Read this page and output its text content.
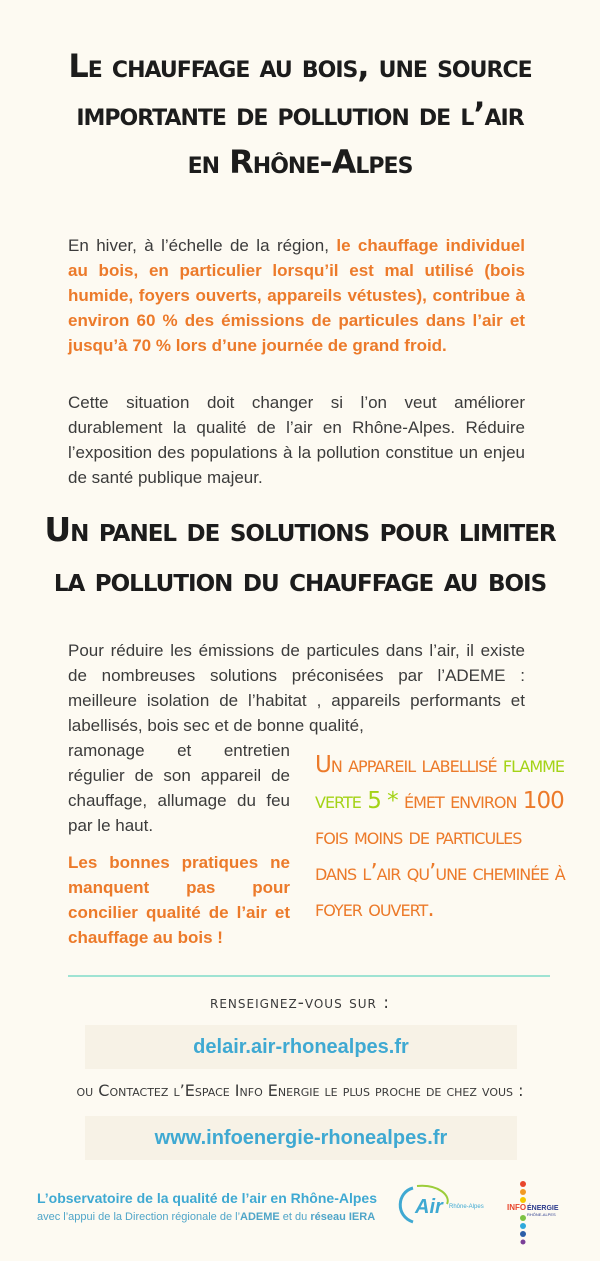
Le chauffage au bois, une source importante de pollution de l’air en Rhône-Alpes

En hiver, à l’échelle de la région, le chauffage individuel au bois, en particulier lorsqu’il est mal utilisé (bois humide, foyers ouverts, appareils vétustes), contribue à environ 60 % des émissions de particules dans l’air et jusqu’à 70 % lors d’une journée de grand froid.

Cette situation doit changer si l’on veut améliorer durablement la qualité de l’air en Rhône-Alpes. Réduire l’exposition des populations à la pollution constitue un enjeu de santé publique majeur.

Un panel de solutions pour limiter la pollution du chauffage au bois

Pour réduire les émissions de particules dans l’air, il existe de nombreuses solutions préconisées par l’ADEME : meilleure isolation de l’habitat , appareils performants et labellisés, bois sec et de bonne qualité,

ramonage et entretien régulier de son appareil de chauffage, allumage du feu par le haut.

Les bonnes pratiques ne manquent pas pour concilier qualité de l’air et chauffage au bois !

Un appareil labellisé flamme verte 5 * émet environ 100 fois moins de particules dans l’air qu’une cheminée à foyer ouvert.
renseignez-vous sur :
delair.air-rhonealpes.fr
ou Contactez l’Espace Info Energie le plus proche de chez vous :
www.infoenergie-rhonealpes.fr
L’observatoire de la qualité de l’air en Rhône-Alpes
avec l’appui de la Direction régionale de l’ADEME et du réseau IERA Air Rhône-Alpes	INFO ÉNERGIE
RHÔNE-ALPES
